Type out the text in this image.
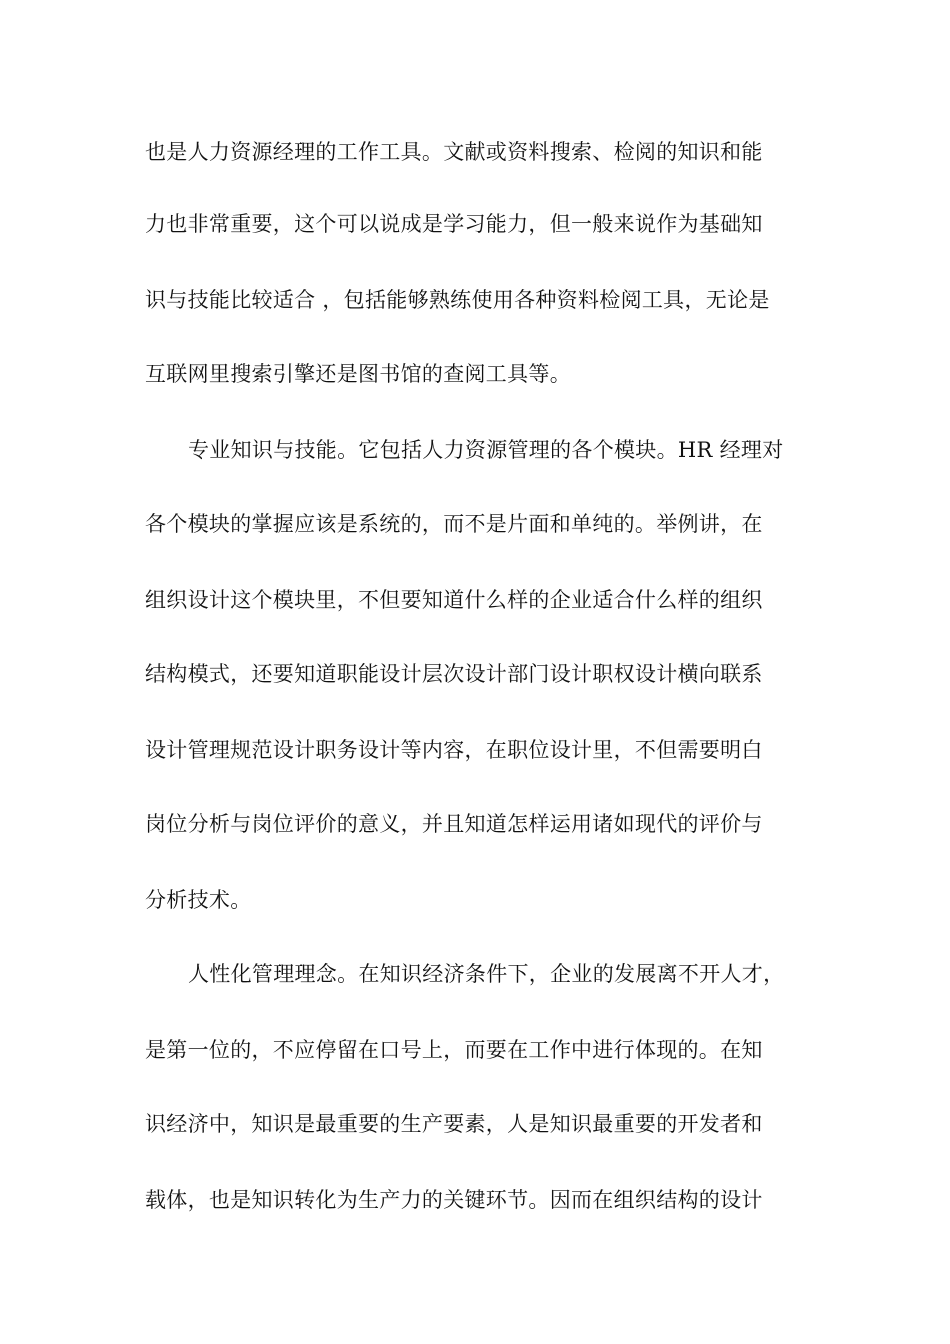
也是人力资源经理的工作工具。文献或资料搜索、检阅的知识和能
力也非常重要，这个可以说成是学习能力，但一般来说作为基础知
识与技能比较适合 ，包括能够熟练使用各种资料检阅工具，无论是
互联网里搜索引擎还是图书馆的查阅工具等。
专业知识与技能。它包括人力资源管理的各个模块。HR 经理对
各个模块的掌握应该是系统的，而不是片面和单纯的。举例讲，在
组织设计这个模块里，不但要知道什么样的企业适合什么样的组织
结构模式，还要知道职能设计层次设计部门设计职权设计横向联系
设计管理规范设计职务设计等内容，在职位设计里，不但需要明白
岗位分析与岗位评价的意义，并且知道怎样运用诸如现代的评价与
分析技术。
人性化管理理念。在知识经济条件下，企业的发展离不开人才，
是第一位的，不应停留在口号上，而要在工作中进行体现的。在知
识经济中，知识是最重要的生产要素，人是知识最重要的开发者和
载体，也是知识转化为生产力的关键环节。因而在组织结构的设计
